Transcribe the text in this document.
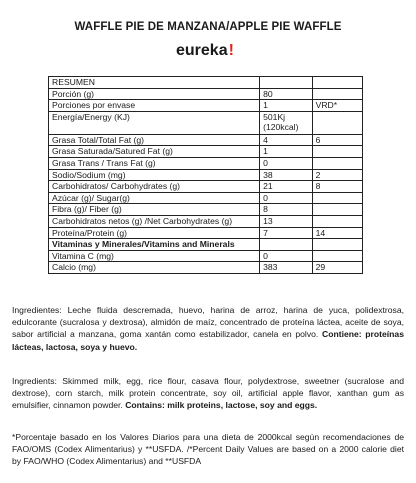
WAFFLE PIE DE MANZANA/APPLE PIE WAFFLE
eureka !
RESUMEN		
Porción (g)	80	
Porciones por envase	1	VRD*
Energía/Energy (KJ)	501Kj
(120kcal)	

Grasa Total/Total Fat (g)	4	6
Grasa Saturada/Satured Fat (g)	1	
Grasa Trans / Trans Fat (g)	0	
Sodio/Sodium (mg)	38	2
Carbohidratos/ Carbohydrates (g)	21	8
Azúcar (g)/ Sugar(g)	0	
Fibra (g)/ Fiber (g)	8	
Carbohidratos netos (g) /Net Carbohydrates (g)	13	
Proteína/Protein (g)	7	14
Vitaminas y Minerales/Vitamins and Minerals		
Vitamina C (mg)	0	
Calcio (mg)	383	29
Ingredientes: Leche fluida descremada, huevo, harina de arroz, harina de yuca, polidextrosa, edulcorante (sucralosa y dextrosa), almidón de maíz, concentrado de proteína láctea, aceite de soya, sabor artificial a manzana, goma xantán como estabilizador, canela en polvo. Contiene: proteínas lácteas, lactosa, soya y huevo.
Ingredients: Skimmed milk, egg, rice flour, casava flour, polydextrose, sweetner (sucralose and dextrose), corn starch, milk protein concentrate, soy oil, artificial apple flavor, xanthan gum as emulsifier, cinnamon powder. Contains: milk proteins, lactose, soy and eggs.
*Porcentaje basado en los Valores Diarios para una dieta de 2000kcal según recomendaciones de FAO/OMS (Codex Alimentarius) y **USFDA. /*Percent Daily Values are based on a 2000 calorie diet by FAO/WHO (Codex Alimentarius) and **USFDA
